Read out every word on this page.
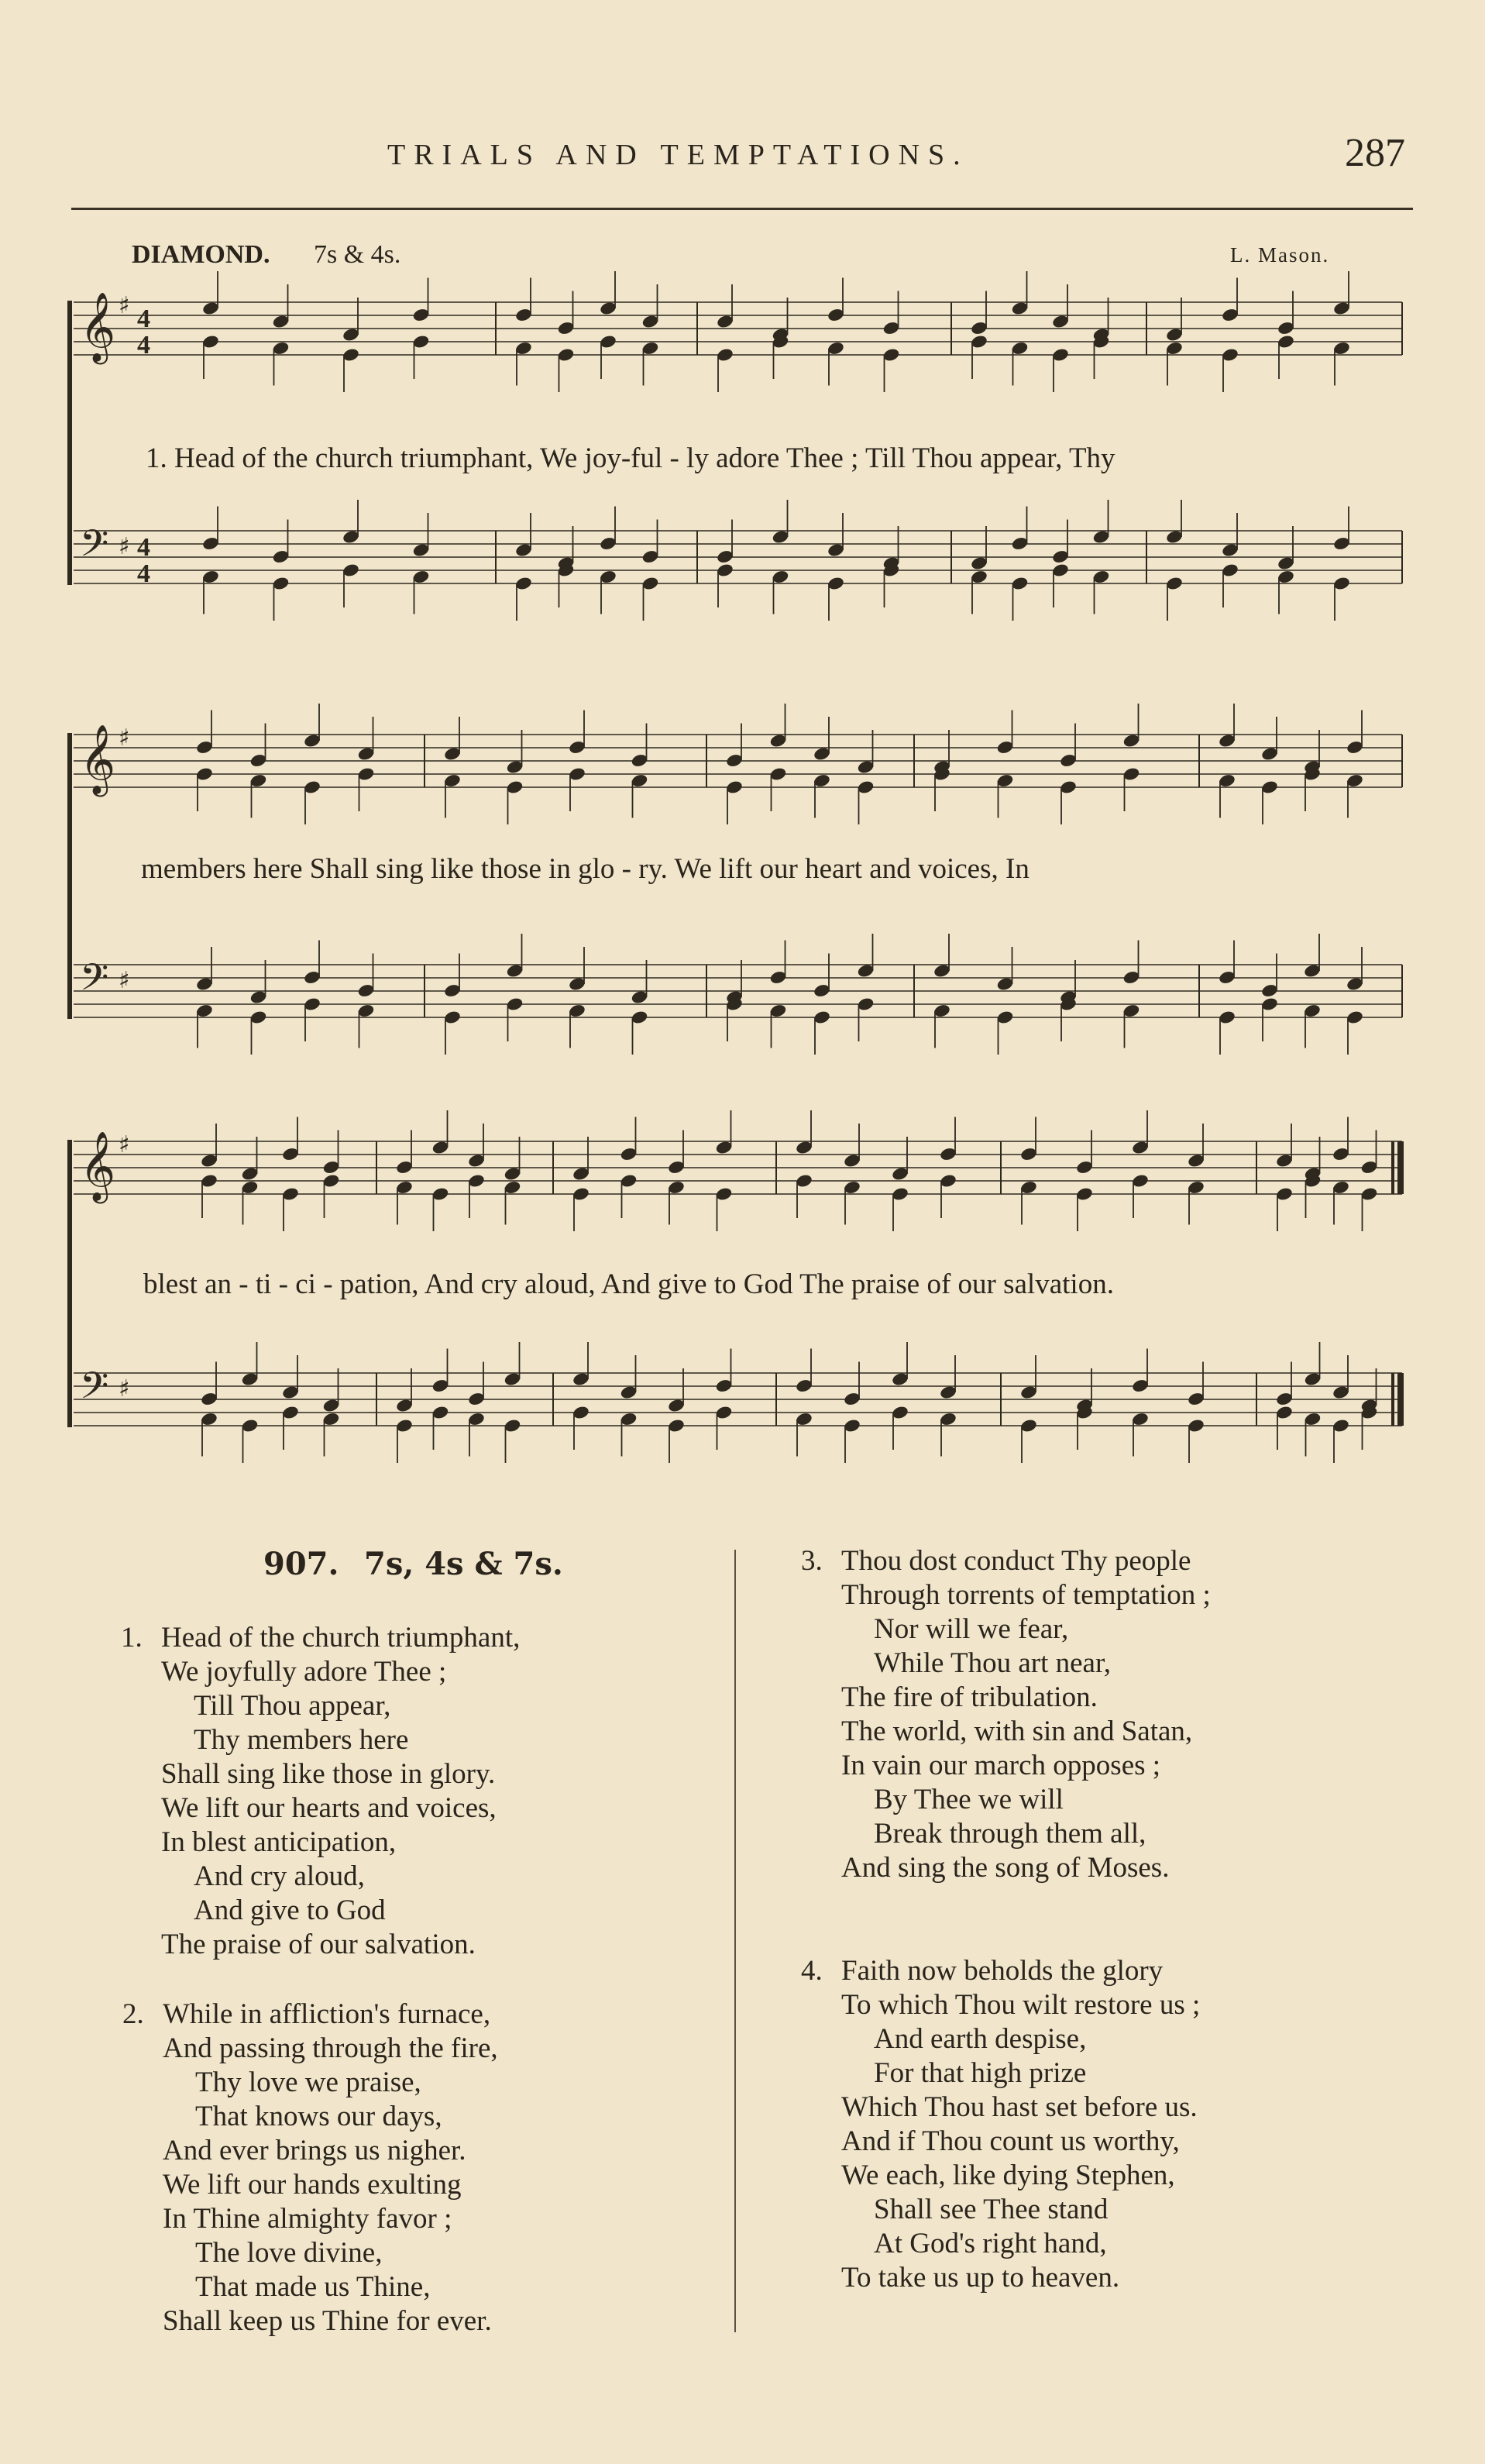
TRIALS AND TEMPTATIONS.	287
DIAMOND. 7s & 4s.	L. Mason.
𝄞 ♯ 4
4
𝄢 ♯ 4
4
𝄞 ♯
𝄢 ♯
𝄞 ♯
𝄢 ♯
1. Head of the church triumphant, We joy-ful - ly adore Thee ; Till Thou appear, Thy
members here Shall sing like those in glo - ry. We lift our heart and voices, In
blest an - ti - ci - pation, And cry aloud, And give to God The praise of our salvation.
907. 7s, 4s & 7s.
1. Head of the church triumphant,
We joyfully adore Thee ;
Till Thou appear,
Thy members here
Shall sing like those in glory.
We lift our hearts and voices,
In blest anticipation,
And cry aloud,
And give to God
The praise of our salvation.
2. While in affliction's furnace,
And passing through the fire,
Thy love we praise,
That knows our days,
And ever brings us nigher.
We lift our hands exulting
In Thine almighty favor ;
The love divine,
That made us Thine,
Shall keep us Thine for ever.
3. Thou dost conduct Thy people
Through torrents of temptation ;
Nor will we fear,
While Thou art near,
The fire of tribulation.
The world, with sin and Satan,
In vain our march opposes ;
By Thee we will
Break through them all,
And sing the song of Moses.
4. Faith now beholds the glory
To which Thou wilt restore us ;
And earth despise,
For that high prize
Which Thou hast set before us.
And if Thou count us worthy,
We each, like dying Stephen,
Shall see Thee stand
At God's right hand,
To take us up to heaven.
